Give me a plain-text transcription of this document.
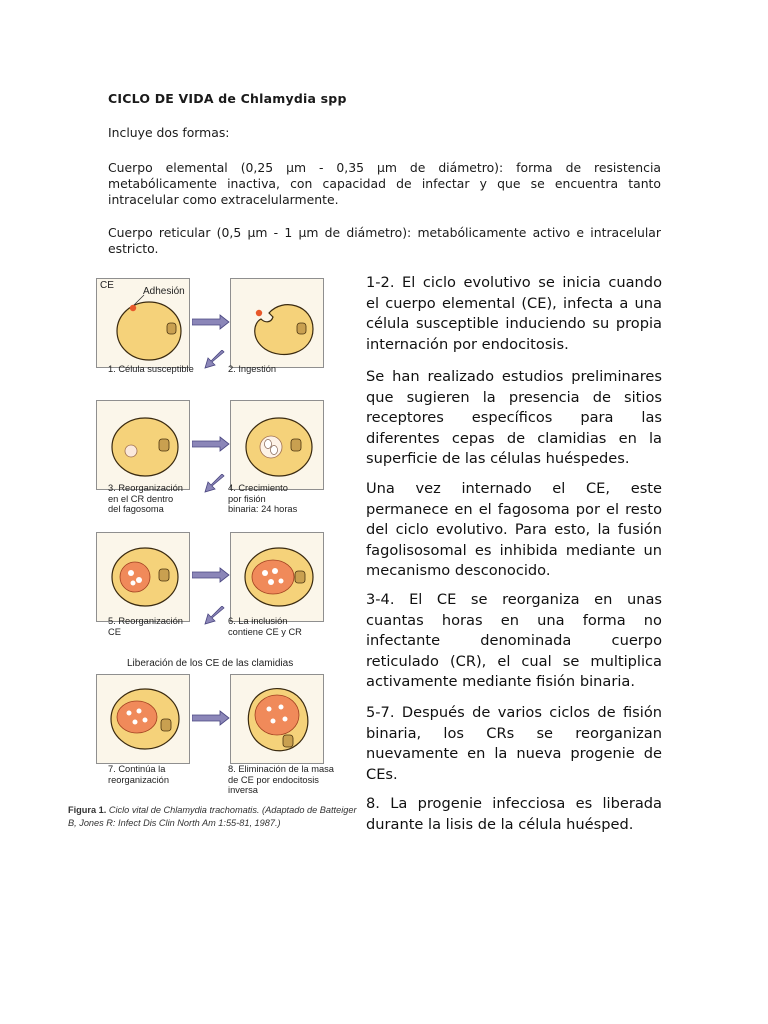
CICLO DE VIDA de Chlamydia spp
Incluye dos formas:
Cuerpo elemental (0,25 μm - 0,35 μm de diámetro): forma de resistencia metabólicamente inactiva, con capacidad de infectar y que se encuentra tanto intracelular como extracelularmente.
Cuerpo reticular (0,5 μm - 1 μm de diámetro): metabólicamente activo e intracelular estricto.
CE
Adhesión
1. Célula susceptible	2. Ingestión
3. Reorganización
en el CR dentro
del fagosoma
4. Crecimiento
por fisión
binaria: 24 horas
5. Reorganización
CE
6. La inclusión
contiene CE y CR
Liberación de los CE de las clamidias
7. Continúa la
reorganización
8. Eliminación de la masa
de CE por endocitosis
inversa
Figura 1. Ciclo vital de Chlamydia trachomatis. (Adaptado de Batteiger B, Jones R: Infect Dis Clin North Am 1:55-81, 1987.)
1-2. El ciclo evolutivo se inicia cuando el cuerpo elemental (CE), infecta a una célula susceptible induciendo su propia internación por endocitosis.
Se han realizado estudios preliminares que sugieren la presencia de sitios receptores específicos para las diferentes cepas de clamidias en la superficie de las células huéspedes.
Una vez internado el CE, este permanece en el fagosoma por el resto del ciclo evolutivo. Para esto, la fusión fagolisosomal es inhibida mediante un mecanismo desconocido.
3-4. El CE se reorganiza en unas cuantas horas en una forma no infectante denominada cuerpo reticulado (CR), el cual se multiplica activamente mediante fisión binaria.
5-7. Después de varios ciclos de fisión binaria, los CRs se reorganizan nuevamente en la nueva progenie de CEs.
8. La progenie infecciosa es liberada durante la lisis de la célula huésped.
